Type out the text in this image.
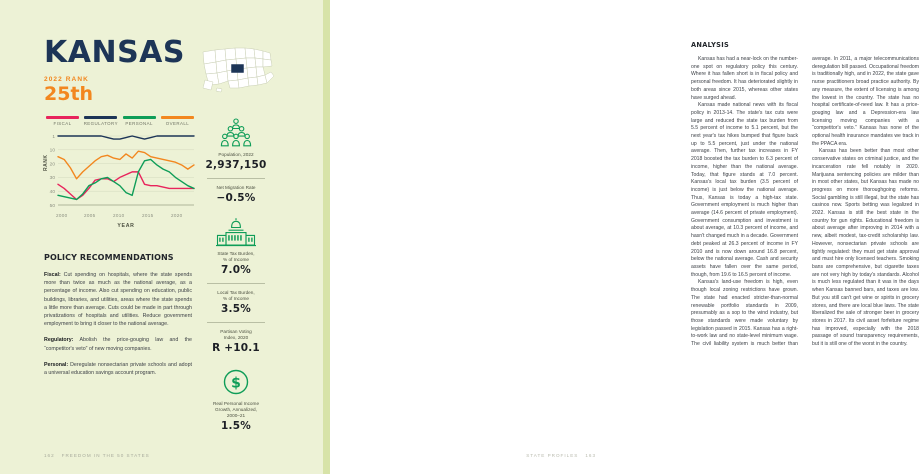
KANSAS
2022 RANK
25th
FISCAL	REGULATORY	PERSONAL	OVERALL
RANK
1
10
20
30
40
50
2000	2005	2010	2015	2020
YEAR
POLICY RECOMMENDATIONS

Fiscal: Cut spending on hospitals, where the state spends more than twice as much as the national average, as a percentage of income. Also cut spending on education, public buildings, libraries, and utilities, areas where the state spends a little more than average. Cuts could be made in part through privatizations of hospitals and utilities. Reduce government employment to bring it closer to the national average.

Regulatory: Abolish the price-gouging law and the “competitor's veto” of new moving companies.

Personal: Deregulate nonsectarian private schools and adopt a universal education savings account program.

Population, 2022
2,937,150
Net Migration Rate
−0.5%
State Tax Burden,
% of Income
7.0%
Local Tax Burden,
% of Income
3.5%
Partisan Voting
Index, 2020
R +10.1
$
Real Personal Income
Growth, Annualized,
2000–21
1.5%
162 FREEDOM IN THE 50 STATES
ANALYSIS

Kansas has had a near-lock on the number-one spot on regulatory policy this century. Where it has fallen short is in fiscal policy and personal freedom. It has deteriorated slightly in both areas since 2015, whereas other states have surged ahead.

Kansas made national news with its fiscal policy in 2013-14. The state's tax cuts were large and reduced the state tax burden from 5.5 percent of income to 5.1 percent, but the next year's tax hikes bumped that figure back up to 5.5 percent, just under the national average. Then, further tax increases in FY 2018 boosted the tax burden to 6.3 percent of income, higher than the national average. Today, that figure stands at 7.0 percent. Kansas's local tax burden (3.5 percent of income) is just below the national average. Thus, Kansas is today a high-tax state. Government employment is much higher than average (14.6 percent of private employment). Government consumption and investment is about average, at 10.3 percent of income, and hasn't changed much in a decade. Government debt peaked at 26.3 percent of income in FY 2010 and is now down around 16.8 percent, below the national average. Cash and security assets have fallen over the same period, though, from 19.6 to 16.5 percent of income.

Kansas's land-use freedom is high, even though local zoning restrictions have grown. The state had enacted stricter-than-normal renewable portfolio standards in 2009, presumably as a sop to the wind industry, but those standards were made voluntary by legislation passed in 2015. Kansas has a right-to-work law and no state-level minimum wage. The civil liability system is much better than average. In 2011, a major telecommunications deregulation bill passed. Occupational freedom is traditionally high, and in 2022, the state gave nurse practitioners broad practice authority. By any measure, the extent of licensing is among the lowest in the country. The state has no hospital certificate-of-need law. It has a price-gouging law and a Depression-era law licensing moving companies with a “competitor's veto.” Kansas has none of the optional health insurance mandates we track in the PPACA era.

Kansas has been better than most other conservative states on criminal justice, and the incarceration rate fell notably in 2020. Marijuana sentencing policies are milder than in most other states, but Kansas has made no progress on more thoroughgoing reforms. Social gambling is still illegal, but the state has casinos now. Sports betting was legalized in 2022. Kansas is still the best state in the country for gun rights. Educational freedom is about average after improving in 2014 with a new, albeit modest, tax-credit scholarship law. However, nonsectarian private schools are tightly regulated: they must get state approval and must hire only licensed teachers. Smoking bans are comprehensive, but cigarette taxes are not very high by today's standards. Alcohol is much less regulated than it was in the days when Kansas banned bars, and taxes are low. But you still can't get wine or spirits in grocery stores, and there are local blue laws. The state liberalized the sale of stronger beer in grocery stores in 2017. Its civil asset forfeiture regime has improved, especially with the 2018 passage of sound transparency requirements, but it is still one of the worst in the country.

STATE PROFILES 163
